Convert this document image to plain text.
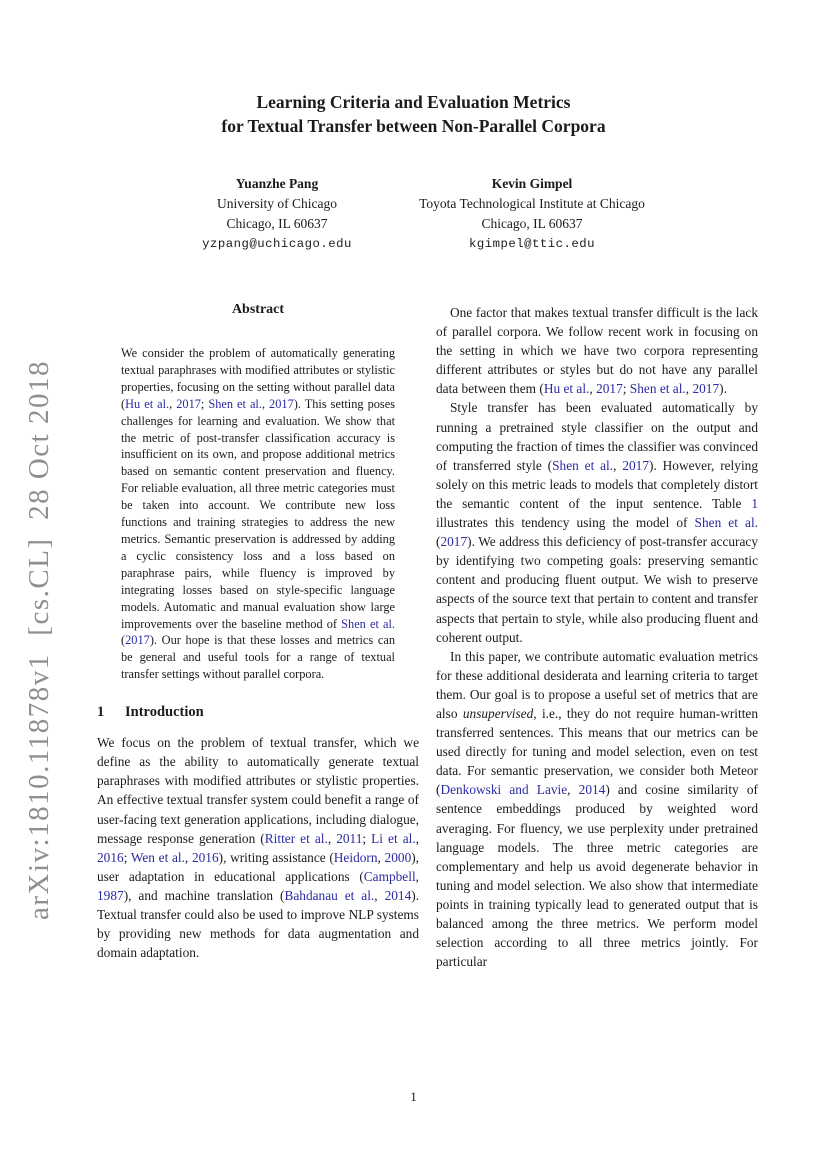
arXiv:1810.11878v1  [cs.CL]  28 Oct 2018
Learning Criteria and Evaluation Metrics
for Textual Transfer between Non-Parallel Corpora
Yuanzhe Pang
University of Chicago
Chicago, IL 60637
yzpang@uchicago.edu
Kevin Gimpel
Toyota Technological Institute at Chicago
Chicago, IL 60637
kgimpel@ttic.edu
Abstract
We consider the problem of automatically generating textual paraphrases with modified attributes or stylistic properties, focusing on the setting without parallel data (Hu et al., 2017; Shen et al., 2017). This setting poses challenges for learning and evaluation. We show that the metric of post-transfer classification accuracy is insufficient on its own, and propose additional metrics based on semantic content preservation and fluency. For reliable evaluation, all three metric categories must be taken into account. We contribute new loss functions and training strategies to address the new metrics. Semantic preservation is addressed by adding a cyclic consistency loss and a loss based on paraphrase pairs, while fluency is improved by integrating losses based on style-specific language models. Automatic and manual evaluation show large improvements over the baseline method of Shen et al. (2017). Our hope is that these losses and metrics can be general and useful tools for a range of textual transfer settings without parallel corpora.
1 Introduction
We focus on the problem of textual transfer, which we define as the ability to automatically generate textual paraphrases with modified attributes or stylistic properties. An effective textual transfer system could benefit a range of user-facing text generation applications, including dialogue, message response generation (Ritter et al., 2011; Li et al., 2016; Wen et al., 2016), writing assistance (Heidorn, 2000), user adaptation in educational applications (Campbell, 1987), and machine translation (Bahdanau et al., 2014). Textual transfer could also be used to improve NLP systems by providing new methods for data augmentation and domain adaptation.
One factor that makes textual transfer difficult is the lack of parallel corpora. We follow recent work in focusing on the setting in which we have two corpora representing different attributes or styles but do not have any parallel data between them (Hu et al., 2017; Shen et al., 2017).
Style transfer has been evaluated automatically by running a pretrained style classifier on the output and computing the fraction of times the classifier was convinced of transferred style (Shen et al., 2017). However, relying solely on this metric leads to models that completely distort the semantic content of the input sentence. Table 1 illustrates this tendency using the model of Shen et al. (2017). We address this deficiency of post-transfer accuracy by identifying two competing goals: preserving semantic content and producing fluent output. We wish to preserve aspects of the source text that pertain to content and transfer aspects that pertain to style, while also producing fluent and coherent output.
In this paper, we contribute automatic evaluation metrics for these additional desiderata and learning criteria to target them. Our goal is to propose a useful set of metrics that are also unsupervised, i.e., they do not require human-written transferred sentences. This means that our metrics can be used directly for tuning and model selection, even on test data. For semantic preservation, we consider both Meteor (Denkowski and Lavie, 2014) and cosine similarity of sentence embeddings produced by weighted word averaging. For fluency, we use perplexity under pretrained language models. The three metric categories are complementary and help us avoid degenerate behavior in tuning and model selection. We also show that intermediate points in training typically lead to generated output that is balanced among the three metrics. We perform model selection according to all three metrics jointly. For particular
1
